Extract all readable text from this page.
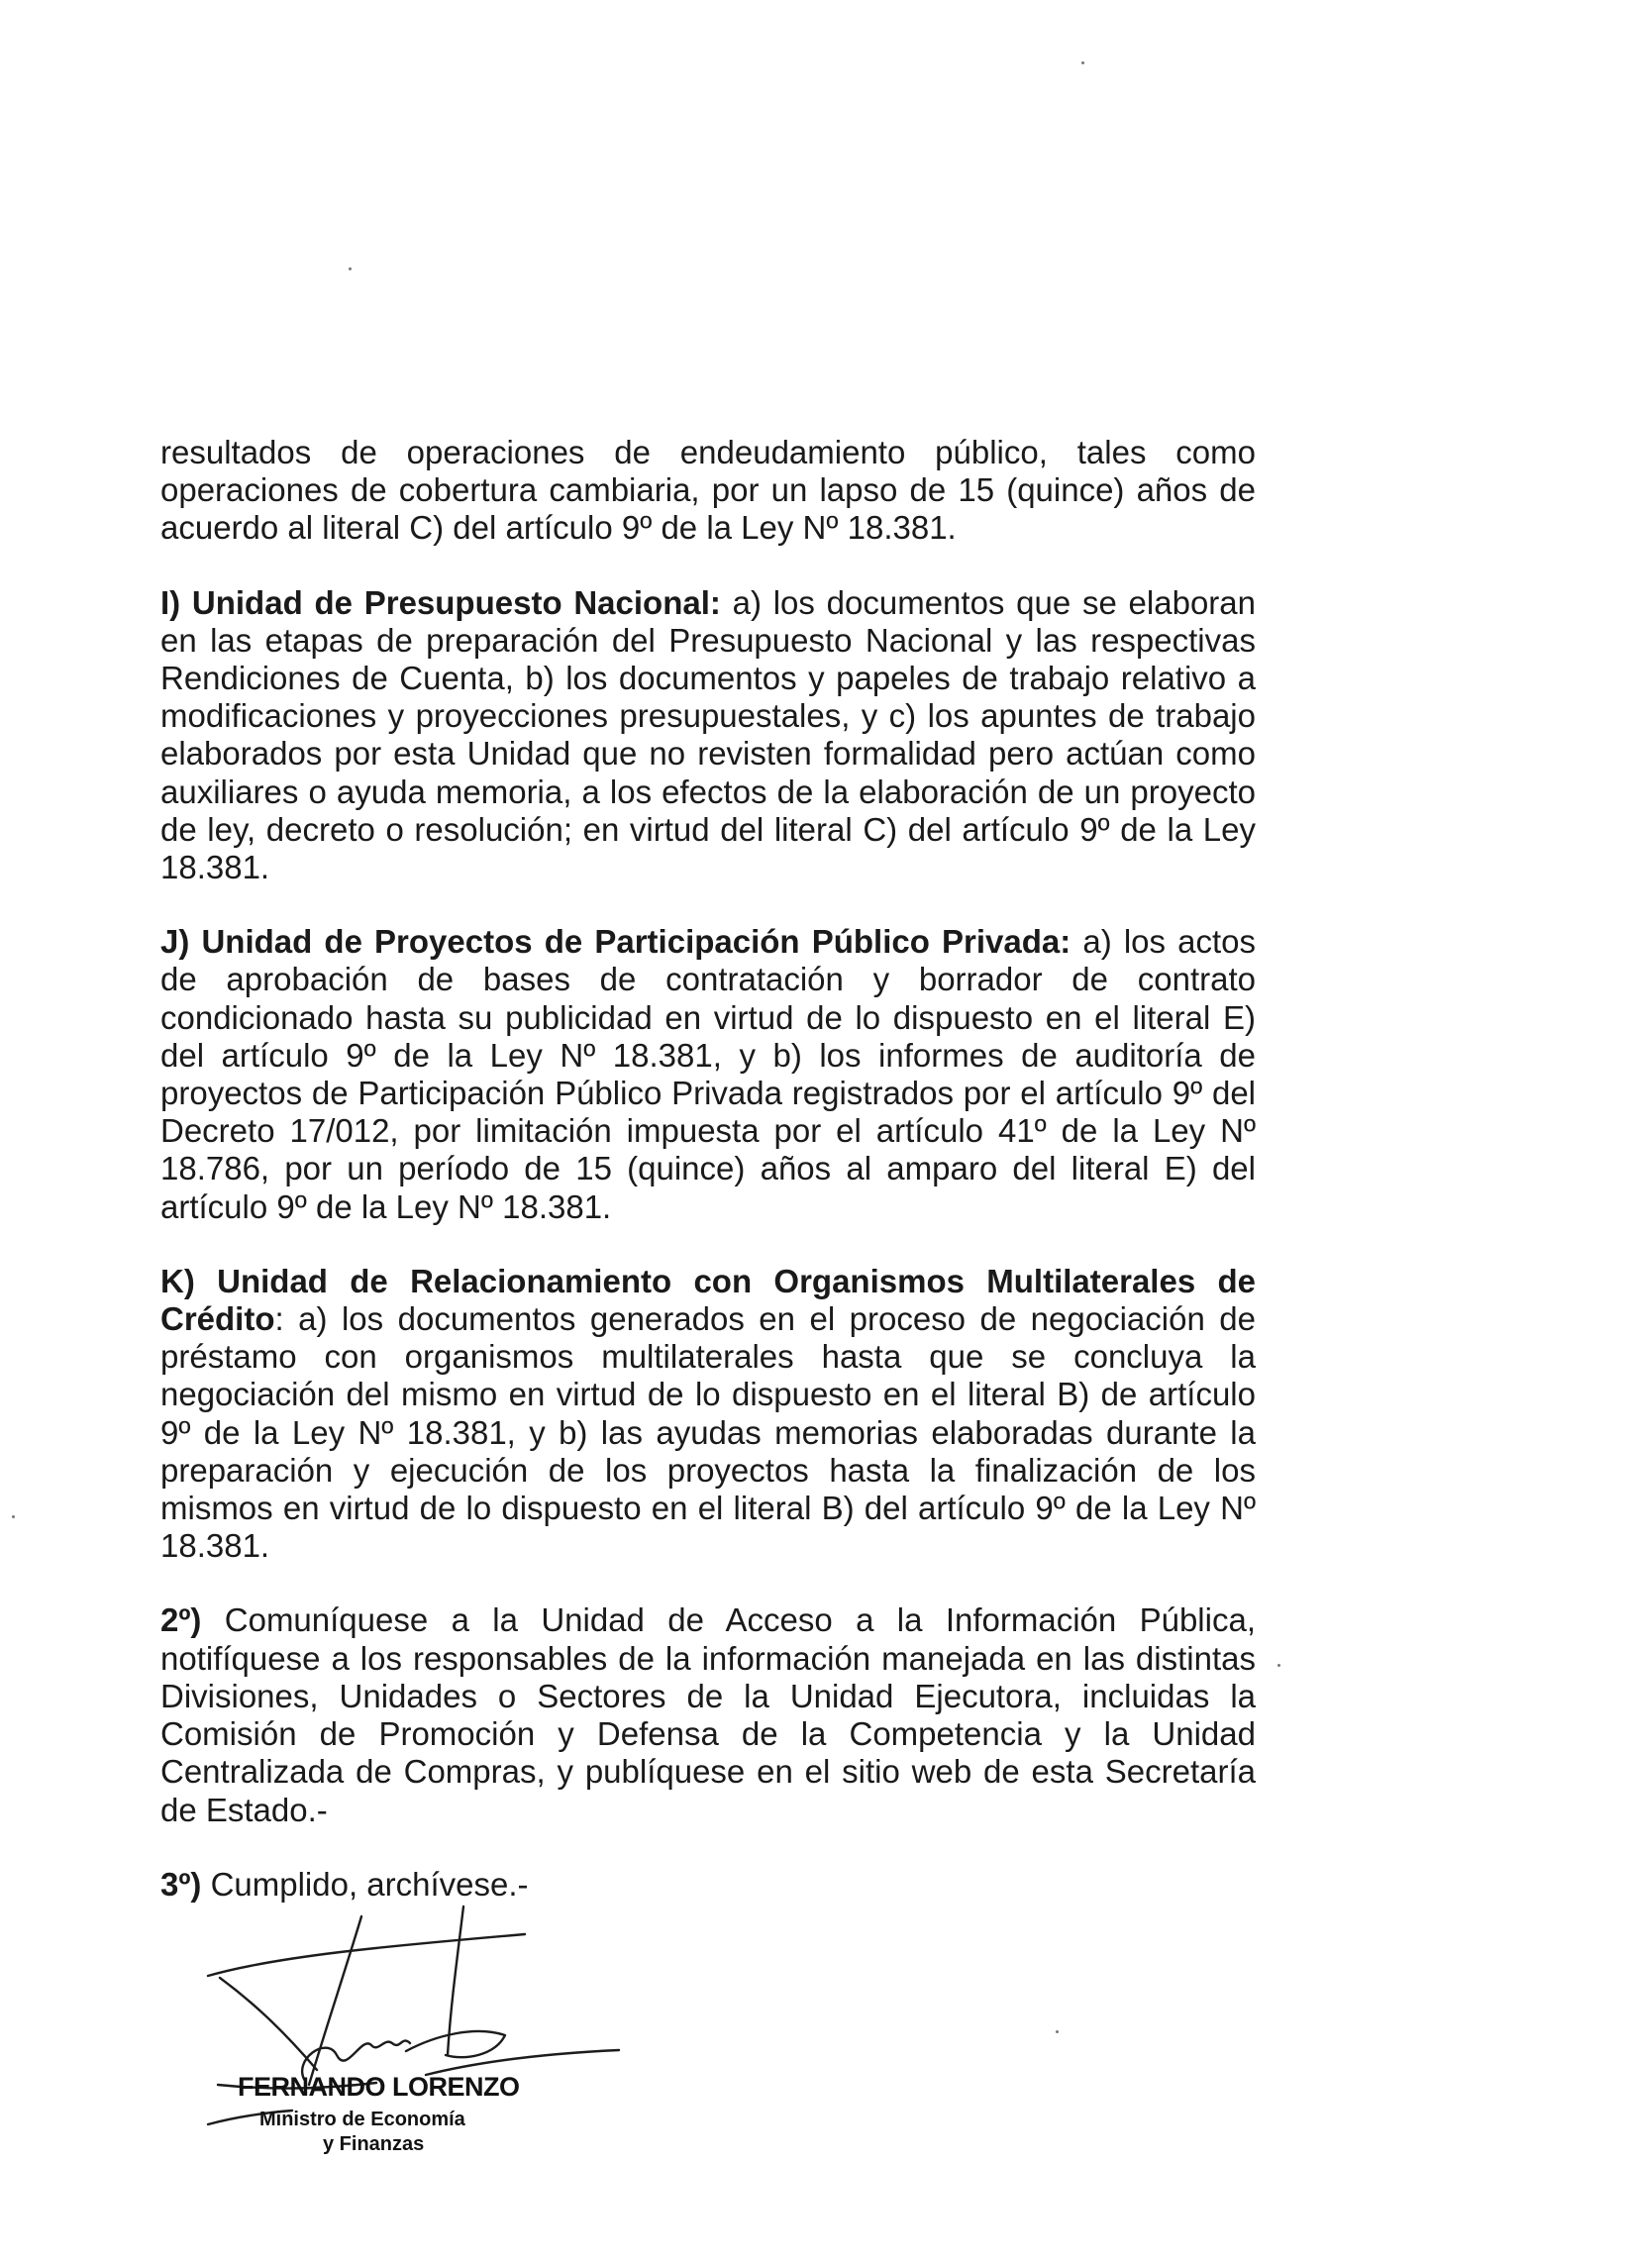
resultados de operaciones de endeudamiento público, tales como operaciones de cobertura cambiaria, por un lapso de 15 (quince) años de acuerdo al literal C) del artículo 9º de la Ley Nº 18.381.

I) Unidad de Presupuesto Nacional: a) los documentos que se elaboran en las etapas de preparación del Presupuesto Nacional y las respectivas Rendiciones de Cuenta, b) los documentos y papeles de trabajo relativo a modificaciones y proyecciones presupuestales, y c) los apuntes de trabajo elaborados por esta Unidad que no revisten formalidad pero actúan como auxiliares o ayuda memoria, a los efectos de la elaboración de un proyecto de ley, decreto o resolución; en virtud del literal C) del artículo 9º de la Ley 18.381.

J) Unidad de Proyectos de Participación Público Privada: a) los actos de aprobación de bases de contratación y borrador de contrato condicionado hasta su publicidad en virtud de lo dispuesto en el literal E) del artículo 9º de la Ley Nº 18.381, y b) los informes de auditoría de proyectos de Participación Público Privada registrados por el artículo 9º del Decreto 17/012, por limitación impuesta por el artículo 41º de la Ley Nº 18.786, por un período de 15 (quince) años al amparo del literal E) del artículo 9º de la Ley Nº 18.381.

K) Unidad de Relacionamiento con Organismos Multilaterales de Crédito: a) los documentos generados en el proceso de negociación de préstamo con organismos multilaterales hasta que se concluya la negociación del mismo en virtud de lo dispuesto en el literal B) de artículo 9º de la Ley Nº 18.381, y b) las ayudas memorias elaboradas durante la preparación y ejecución de los proyectos hasta la finalización de los mismos en virtud de lo dispuesto en el literal B) del artículo 9º de la Ley Nº 18.381.

2º) Comuníquese a la Unidad de Acceso a la Información Pública, notifíquese a los responsables de la información manejada en las distintas Divisiones, Unidades o Sectores de la Unidad Ejecutora, incluidas la Comisión de Promoción y Defensa de la Competencia y la Unidad Centralizada de Compras, y publíquese en el sitio web de esta Secretaría de Estado.-

3º) Cumplido, archívese.-

FERNANDO LORENZO
Ministro de Economía
y Finanzas
